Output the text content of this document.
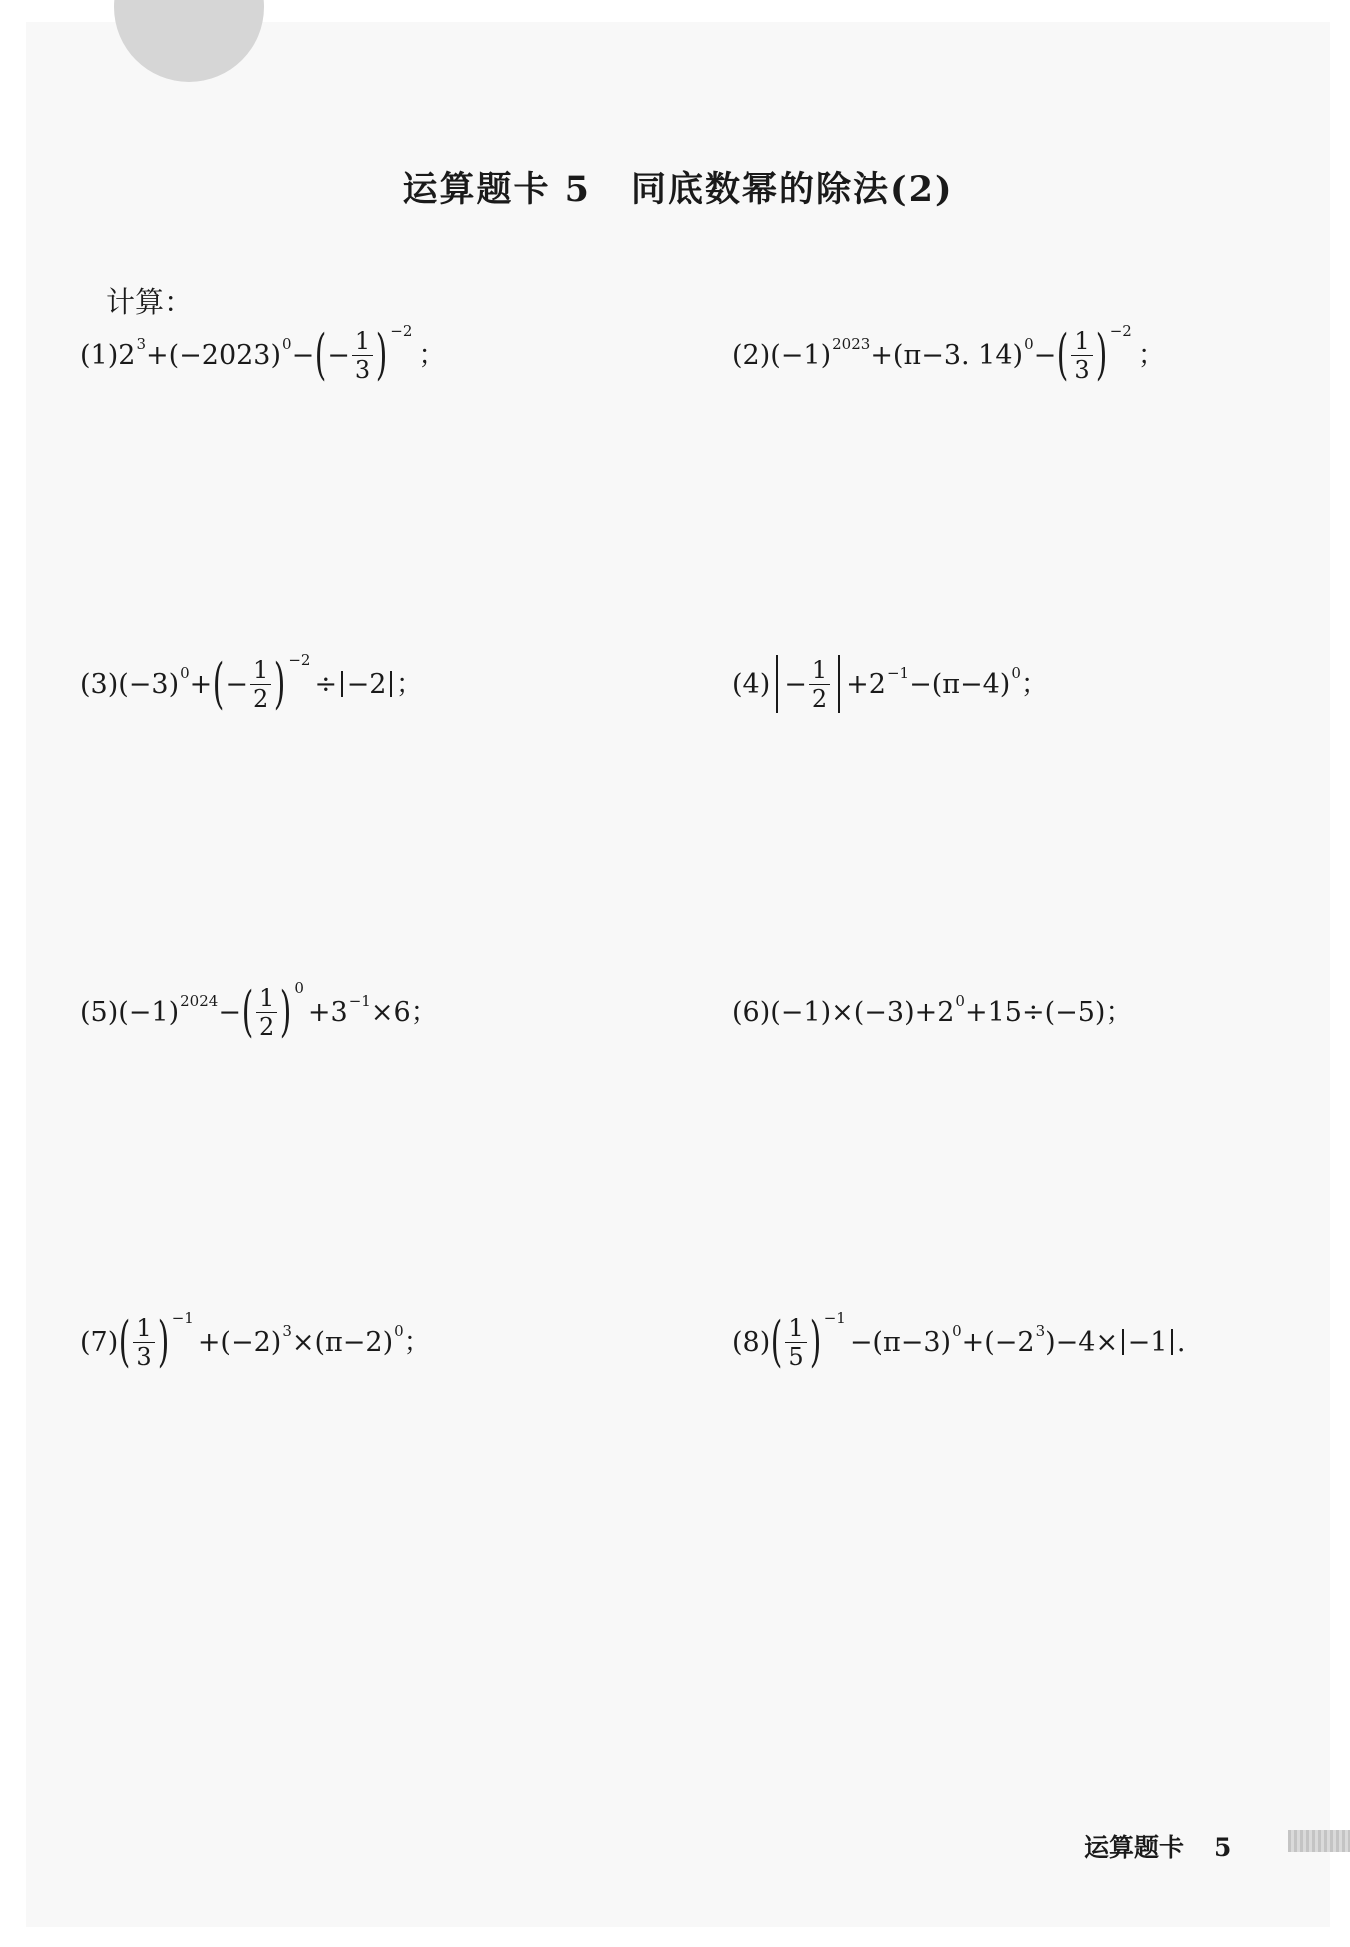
运算题卡 5 同底数幂的除法(2)
计算：
(1) $2^3 +(-2023)^0$ − ( − $\frac{1}{3}$ ) −2
；	(2) $(-1)^{2023} +(\pi-3$. 14)$^0$ − ( $\frac{1}{3}$ ) −2
；
(3) $(-3)^0$ + ( − $\frac{1}{2}$ ) −2
÷ −2 ；	$(4) - \frac{1}{2} +2^{-1} -(\pi-4)^0$ ；
(5) $(-1)^{2024}$ − ( $\frac{1}{2}$ ) 0
$+3^{-1} \times 6$ ；	(6) $(-1)\times(-3)+2^0 +15\div(-5)$ ；
(7) ( $\frac{1}{3}$ ) −1
$+(-2)^3 \times(\pi-2)^0$ ；	(8) ( $\frac{1}{5}$ ) −1
$-(\pi-3)^0 +(-2^3$ )−4× −1 .
运算题卡 5
